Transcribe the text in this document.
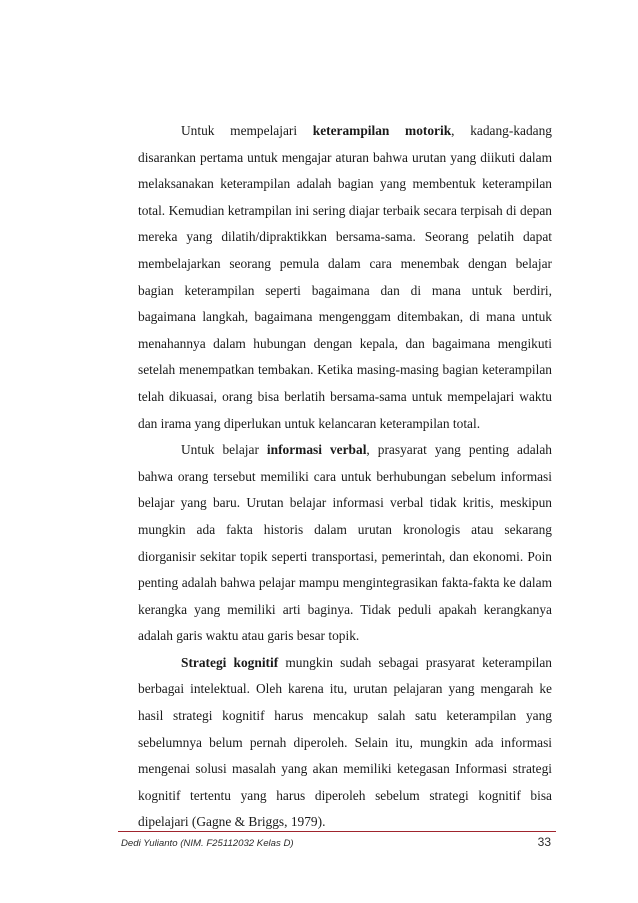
Untuk mempelajari keterampilan motorik, kadang-kadang disarankan pertama untuk mengajar aturan bahwa urutan yang diikuti dalam melaksanakan keterampilan adalah bagian yang membentuk keterampilan total. Kemudian ketrampilan ini sering diajar terbaik secara terpisah di depan mereka yang dilatih/dipraktikkan bersama-sama. Seorang pelatih dapat membelajarkan seorang pemula dalam cara menembak dengan belajar bagian keterampilan seperti bagaimana dan di mana untuk berdiri, bagaimana langkah, bagaimana mengenggam ditembakan, di mana untuk menahannya dalam hubungan dengan kepala, dan bagaimana mengikuti setelah menempatkan tembakan. Ketika masing-masing bagian keterampilan telah dikuasai, orang bisa berlatih bersama-sama untuk mempelajari waktu dan irama yang diperlukan untuk kelancaran keterampilan total.

Untuk belajar informasi verbal, prasyarat yang penting adalah bahwa orang tersebut memiliki cara untuk berhubungan sebelum informasi belajar yang baru. Urutan belajar informasi verbal tidak kritis, meskipun mungkin ada fakta historis dalam urutan kronologis atau sekarang diorganisir sekitar topik seperti transportasi, pemerintah, dan ekonomi. Poin penting adalah bahwa pelajar mampu mengintegrasikan fakta-fakta ke dalam kerangka yang memiliki arti baginya. Tidak peduli apakah kerangkanya adalah garis waktu atau garis besar topik.

Strategi kognitif mungkin sudah sebagai prasyarat keterampilan berbagai intelektual. Oleh karena itu, urutan pelajaran yang mengarah ke hasil strategi kognitif harus mencakup salah satu keterampilan yang sebelumnya belum pernah diperoleh. Selain itu, mungkin ada informasi mengenai solusi masalah yang akan memiliki ketegasan Informasi strategi kognitif tertentu yang harus diperoleh sebelum strategi kognitif bisa dipelajari (Gagne & Briggs, 1979).

Dedi Yulianto (NIM. F25112032 Kelas D)	33
